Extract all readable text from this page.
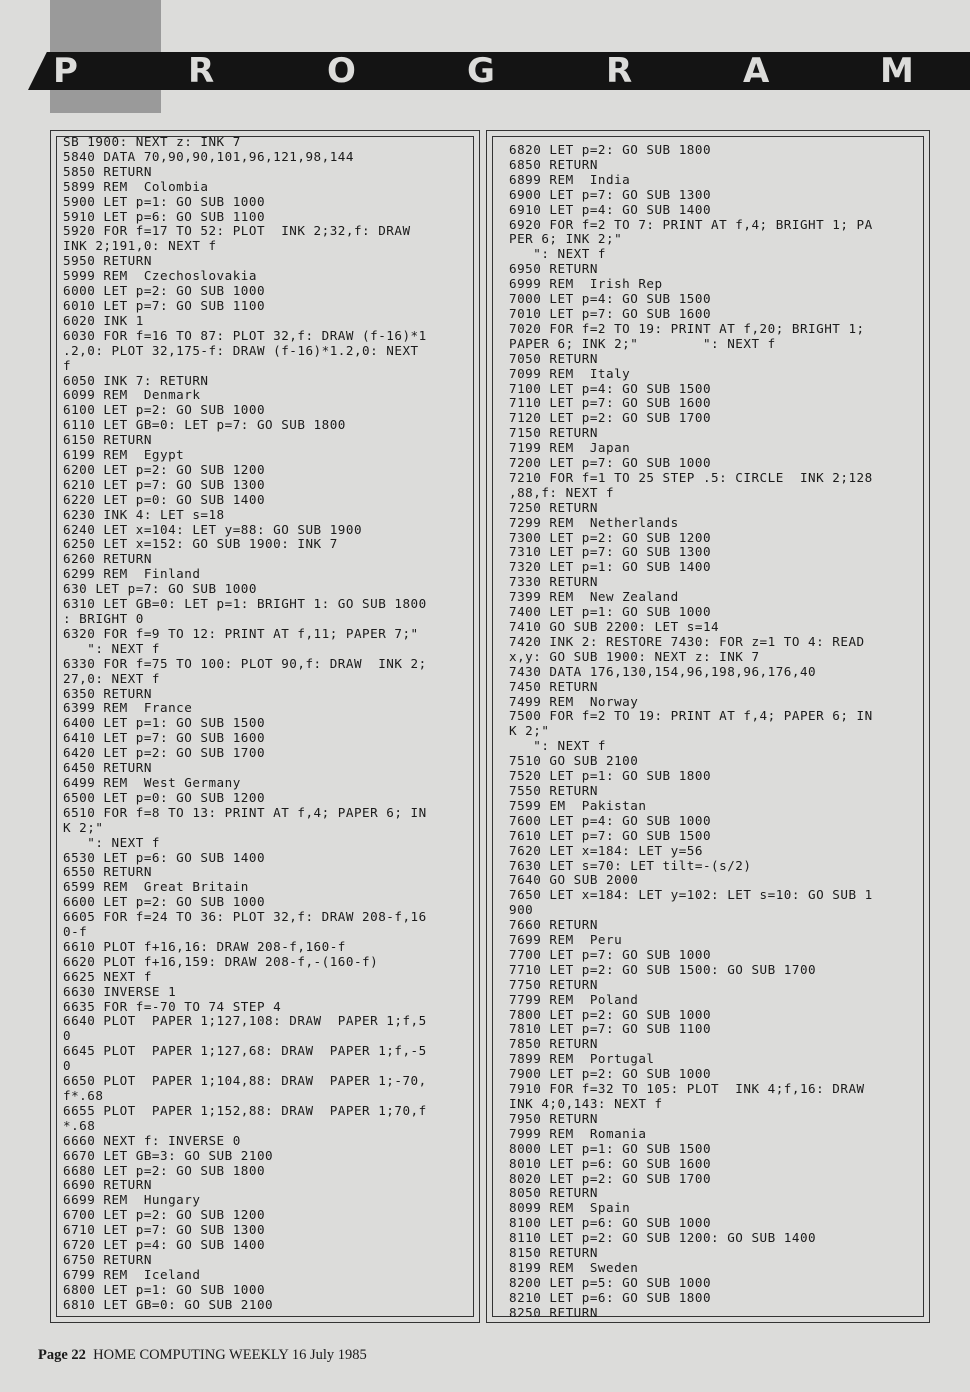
P	R	O	G	R	A	M
SB 1900: NEXT z: INK 7
5840 DATA 70,90,90,101,96,121,98,144
5850 RETURN
5899 REM  Colombia
5900 LET p=1: GO SUB 1000
5910 LET p=6: GO SUB 1100
5920 FOR f=17 TO 52: PLOT  INK 2;32,f: DRAW
INK 2;191,0: NEXT f
5950 RETURN
5999 REM  Czechoslovakia
6000 LET p=2: GO SUB 1000
6010 LET p=7: GO SUB 1100
6020 INK 1
6030 FOR f=16 TO 87: PLOT 32,f: DRAW (f-16)*1
.2,0: PLOT 32,175-f: DRAW (f-16)*1.2,0: NEXT
f
6050 INK 7: RETURN
6099 REM  Denmark
6100 LET p=2: GO SUB 1000
6110 LET GB=0: LET p=7: GO SUB 1800
6150 RETURN
6199 REM  Egypt
6200 LET p=2: GO SUB 1200
6210 LET p=7: GO SUB 1300
6220 LET p=0: GO SUB 1400
6230 INK 4: LET s=18
6240 LET x=104: LET y=88: GO SUB 1900
6250 LET x=152: GO SUB 1900: INK 7
6260 RETURN
6299 REM  Finland
630 LET p=7: GO SUB 1000
6310 LET GB=0: LET p=1: BRIGHT 1: GO SUB 1800
: BRIGHT 0
6320 FOR f=9 TO 12: PRINT AT f,11; PAPER 7;"
": NEXT f
6330 FOR f=75 TO 100: PLOT 90,f: DRAW  INK 2;
27,0: NEXT f
6350 RETURN
6399 REM  France
6400 LET p=1: GO SUB 1500
6410 LET p=7: GO SUB 1600
6420 LET p=2: GO SUB 1700
6450 RETURN
6499 REM  West Germany
6500 LET p=0: GO SUB 1200
6510 FOR f=8 TO 13: PRINT AT f,4; PAPER 6; IN
K 2;"
": NEXT f
6530 LET p=6: GO SUB 1400
6550 RETURN
6599 REM  Great Britain
6600 LET p=2: GO SUB 1000
6605 FOR f=24 TO 36: PLOT 32,f: DRAW 208-f,16
0-f
6610 PLOT f+16,16: DRAW 208-f,160-f
6620 PLOT f+16,159: DRAW 208-f,-(160-f)
6625 NEXT f
6630 INVERSE 1
6635 FOR f=-70 TO 74 STEP 4
6640 PLOT  PAPER 1;127,108: DRAW  PAPER 1;f,5
0
6645 PLOT  PAPER 1;127,68: DRAW  PAPER 1;f,-5
0
6650 PLOT  PAPER 1;104,88: DRAW  PAPER 1;-70,
f*.68
6655 PLOT  PAPER 1;152,88: DRAW  PAPER 1;70,f
*.68
6660 NEXT f: INVERSE 0
6670 LET GB=3: GO SUB 2100
6680 LET p=2: GO SUB 1800
6690 RETURN
6699 REM  Hungary
6700 LET p=2: GO SUB 1200
6710 LET p=7: GO SUB 1300
6720 LET p=4: GO SUB 1400
6750 RETURN
6799 REM  Iceland
6800 LET p=1: GO SUB 1000
6810 LET GB=0: GO SUB 2100
6820 LET p=2: GO SUB 1800
6850 RETURN
6899 REM  India
6900 LET p=7: GO SUB 1300
6910 LET p=4: GO SUB 1400
6920 FOR f=2 TO 7: PRINT AT f,4; BRIGHT 1; PA
PER 6; INK 2;"
": NEXT f
6950 RETURN
6999 REM  Irish Rep
7000 LET p=4: GO SUB 1500
7010 LET p=7: GO SUB 1600
7020 FOR f=2 TO 19: PRINT AT f,20; BRIGHT 1;
PAPER 6; INK 2;"        ": NEXT f
7050 RETURN
7099 REM  Italy
7100 LET p=4: GO SUB 1500
7110 LET p=7: GO SUB 1600
7120 LET p=2: GO SUB 1700
7150 RETURN
7199 REM  Japan
7200 LET p=7: GO SUB 1000
7210 FOR f=1 TO 25 STEP .5: CIRCLE  INK 2;128
,88,f: NEXT f
7250 RETURN
7299 REM  Netherlands
7300 LET p=2: GO SUB 1200
7310 LET p=7: GO SUB 1300
7320 LET p=1: GO SUB 1400
7330 RETURN
7399 REM  New Zealand
7400 LET p=1: GO SUB 1000
7410 GO SUB 2200: LET s=14
7420 INK 2: RESTORE 7430: FOR z=1 TO 4: READ
x,y: GO SUB 1900: NEXT z: INK 7
7430 DATA 176,130,154,96,198,96,176,40
7450 RETURN
7499 REM  Norway
7500 FOR f=2 TO 19: PRINT AT f,4; PAPER 6; IN
K 2;"
": NEXT f
7510 GO SUB 2100
7520 LET p=1: GO SUB 1800
7550 RETURN
7599 EM  Pakistan
7600 LET p=4: GO SUB 1000
7610 LET p=7: GO SUB 1500
7620 LET x=184: LET y=56
7630 LET s=70: LET tilt=-(s/2)
7640 GO SUB 2000
7650 LET x=184: LET y=102: LET s=10: GO SUB 1
900
7660 RETURN
7699 REM  Peru
7700 LET p=7: GO SUB 1000
7710 LET p=2: GO SUB 1500: GO SUB 1700
7750 RETURN
7799 REM  Poland
7800 LET p=2: GO SUB 1000
7810 LET p=7: GO SUB 1100
7850 RETURN
7899 REM  Portugal
7900 LET p=2: GO SUB 1000
7910 FOR f=32 TO 105: PLOT  INK 4;f,16: DRAW
INK 4;0,143: NEXT f
7950 RETURN
7999 REM  Romania
8000 LET p=1: GO SUB 1500
8010 LET p=6: GO SUB 1600
8020 LET p=2: GO SUB 1700
8050 RETURN
8099 REM  Spain
8100 LET p=6: GO SUB 1000
8110 LET p=2: GO SUB 1200: GO SUB 1400
8150 RETURN
8199 REM  Sweden
8200 LET p=5: GO SUB 1000
8210 LET p=6: GO SUB 1800
8250 RETURN
Page 22 HOME COMPUTING WEEKLY 16 July 1985
